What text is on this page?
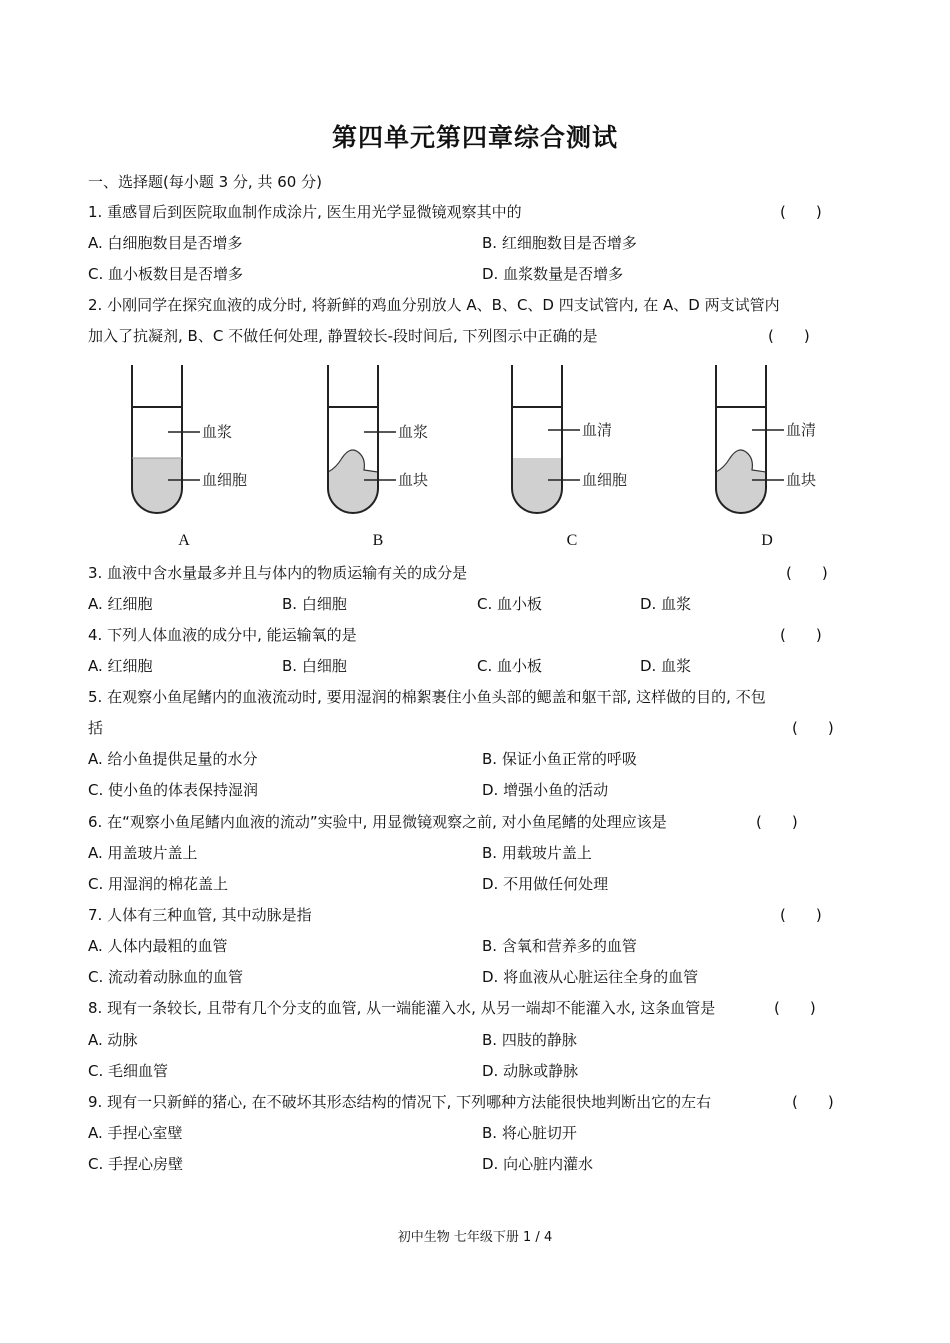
第四单元第四章综合测试
一、选择题(每小题 3 分, 共 60 分)
1. 重感冒后到医院取血制作成涂片, 医生用光学显微镜观察其中的	(　　)
A. 白细胞数目是否增多	B. 红细胞数目是否增多
C. 血小板数目是否增多	D. 血浆数量是否增多
2. 小刚同学在探究血液的成分时, 将新鲜的鸡血分别放人 A、B、C、D 四支试管内, 在 A、D 两支试管内
加入了抗凝剂, B、C 不做任何处理, 静置较长-段时间后, 下列图示中正确的是	(　　)
血浆
血细胞
血浆
血块
血清
血细胞
血清
血块
A	B	C	D
3. 血液中含水量最多并且与体内的物质运输有关的成分是	(　　)
A. 红细胞	B. 白细胞	C. 血小板	D. 血浆
4. 下列人体血液的成分中, 能运输氧的是	(　　)
A. 红细胞	B. 白细胞	C. 血小板	D. 血浆
5. 在观察小鱼尾鳍内的血液流动时, 要用湿润的棉絮裹住小鱼头部的鳃盖和躯干部, 这样做的目的, 不包
括	(　　)
A. 给小鱼提供足量的水分	B. 保证小鱼正常的呼吸
C. 使小鱼的体表保持湿润	D. 增强小鱼的活动
6. 在“观察小鱼尾鳍内血液的流动”实验中, 用显微镜观察之前, 对小鱼尾鳍的处理应该是	(　　)
A. 用盖玻片盖上	B. 用载玻片盖上
C. 用湿润的棉花盖上	D. 不用做任何处理
7. 人体有三种血管, 其中动脉是指	(　　)
A. 人体内最粗的血管	B. 含氧和营养多的血管
C. 流动着动脉血的血管	D. 将血液从心脏运往全身的血管
8. 现有一条较长, 且带有几个分支的血管, 从一端能灌入水, 从另一端却不能灌入水, 这条血管是	(　　)
A. 动脉	B. 四肢的静脉
C. 毛细血管	D. 动脉或静脉
9. 现有一只新鲜的猪心, 在不破坏其形态结构的情况下, 下列哪种方法能很快地判断出它的左右	(　　)
A. 手捏心室壁	B. 将心脏切开
C. 手捏心房壁	D. 向心脏内灌水
初中生物 七年级下册 1 / 4
